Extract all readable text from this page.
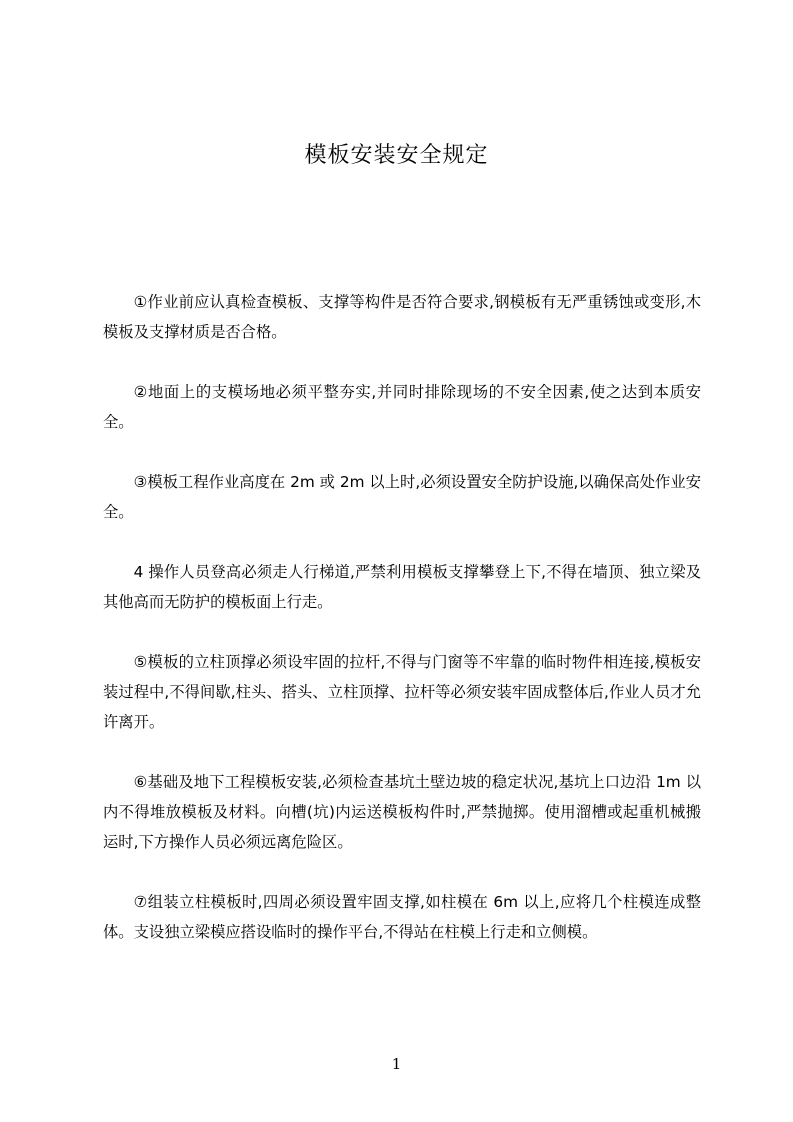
模板安装安全规定

①作业前应认真检查模板、支撑等构件是否符合要求,钢模板有无严重锈蚀或变形,木模板及支撑材质是否合格。

②地面上的支模场地必须平整夯实,并同时排除现场的不安全因素,使之达到本质安全。

③模板工程作业高度在 2m 或 2m 以上时,必须设置安全防护设施,以确保高处作业安全。

4 操作人员登高必须走人行梯道,严禁利用模板支撑攀登上下,不得在墙顶、独立梁及其他高而无防护的模板面上行走。

⑤模板的立柱顶撑必须设牢固的拉杆,不得与门窗等不牢靠的临时物件相连接,模板安装过程中,不得间歇,柱头、搭头、立柱顶撑、拉杆等必须安装牢固成整体后,作业人员才允许离开。

⑥基础及地下工程模板安装,必须检查基坑土壁边坡的稳定状况,基坑上口边沿 1m 以内不得堆放模板及材料。向槽(坑)内运送模板构件时,严禁抛掷。使用溜槽或起重机械搬运时,下方操作人员必须远离危险区。

⑦组装立柱模板时,四周必须设置牢固支撑,如柱模在 6m 以上,应将几个柱模连成整体。支设独立梁模应搭设临时的操作平台,不得站在柱模上行走和立侧模。

1
